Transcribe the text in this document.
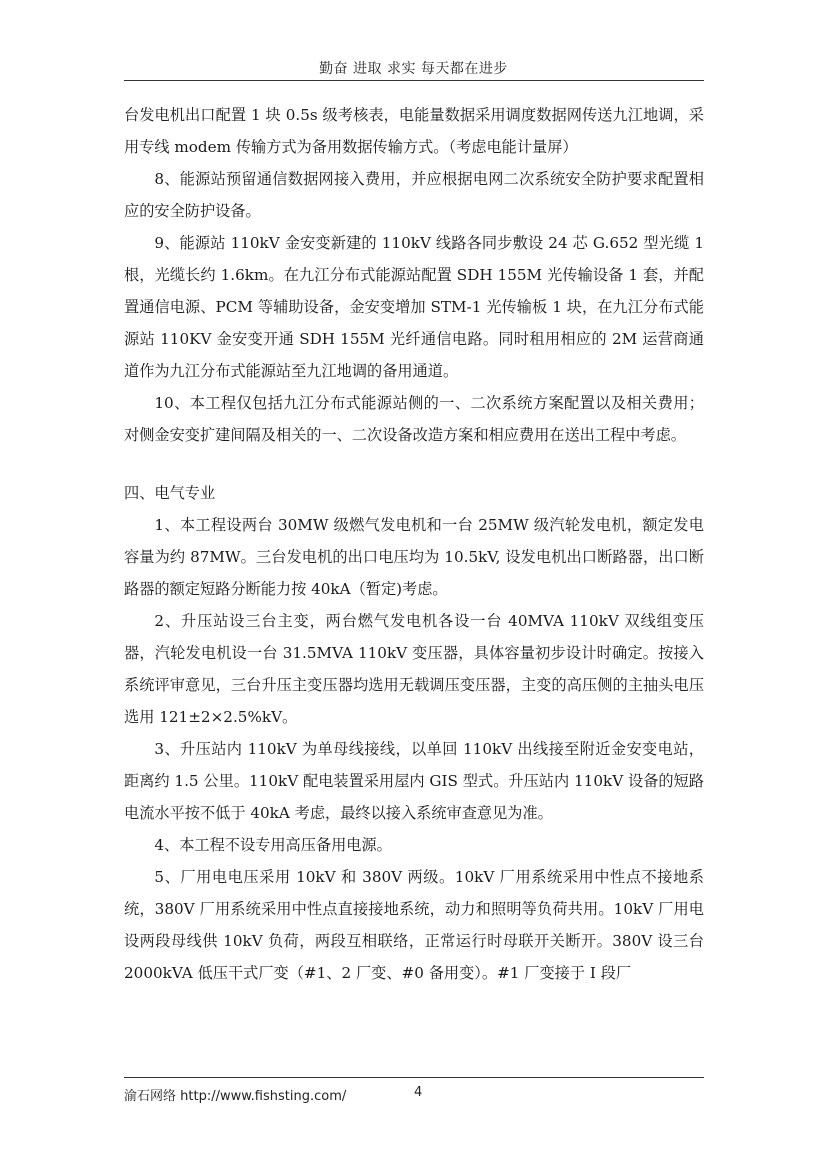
勤奋 进取 求实 每天都在进步

台发电机出口配置 1 块 0.5s 级考核表，电能量数据采用调度数据网传送九江地调，采用专线 modem 传输方式为备用数据传输方式。（考虑电能计量屏）

8、能源站预留通信数据网接入费用，并应根据电网二次系统安全防护要求配置相应的安全防护设备。

9、能源站 110kV 金安变新建的 110kV 线路各同步敷设 24 芯 G.652 型光缆 1 根，光缆长约 1.6km。在九江分布式能源站配置 SDH 155M 光传输设备 1 套，并配置通信电源、PCM 等辅助设备，金安变增加 STM-1 光传输板 1 块，在九江分布式能源站 110KV 金安变开通 SDH 155M 光纤通信电路。同时租用相应的 2M 运营商通道作为九江分布式能源站至九江地调的备用通道。

10、本工程仅包括九江分布式能源站侧的一、二次系统方案配置以及相关费用；对侧金安变扩建间隔及相关的一、二次设备改造方案和相应费用在送出工程中考虑。

四、电气专业

1、本工程设两台 30MW 级燃气发电机和一台 25MW 级汽轮发电机，额定发电容量为约 87MW。三台发电机的出口电压均为 10.5kV, 设发电机出口断路器，出口断路器的额定短路分断能力按 40kA（暂定)考虑。

2、升压站设三台主变，两台燃气发电机各设一台 40MVA 110kV 双线组变压器，汽轮发电机设一台 31.5MVA 110kV 变压器，具体容量初步设计时确定。按接入系统评审意见，三台升压主变压器均选用无载调压变压器，主变的高压侧的主抽头电压选用 121±2×2.5%kV。

3、升压站内 110kV 为单母线接线，以单回 110kV 出线接至附近金安变电站，距离约 1.5 公里。110kV 配电装置采用屋内 GIS 型式。升压站内 110kV 设备的短路电流水平按不低于 40kA 考虑，最终以接入系统审查意见为准。

4、本工程不设专用高压备用电源。

5、厂用电电压采用 10kV 和 380V 两级。10kV 厂用系统采用中性点不接地系统，380V 厂用系统采用中性点直接接地系统，动力和照明等负荷共用。10kV 厂用电设两段母线供 10kV 负荷，两段互相联络，正常运行时母联开关断开。380V 设三台 2000kVA 低压干式厂变（#1、2 厂变、#0 备用变）。#1 厂变接于 I 段厂

渝石网络 http://www.fishsting.com/	4
